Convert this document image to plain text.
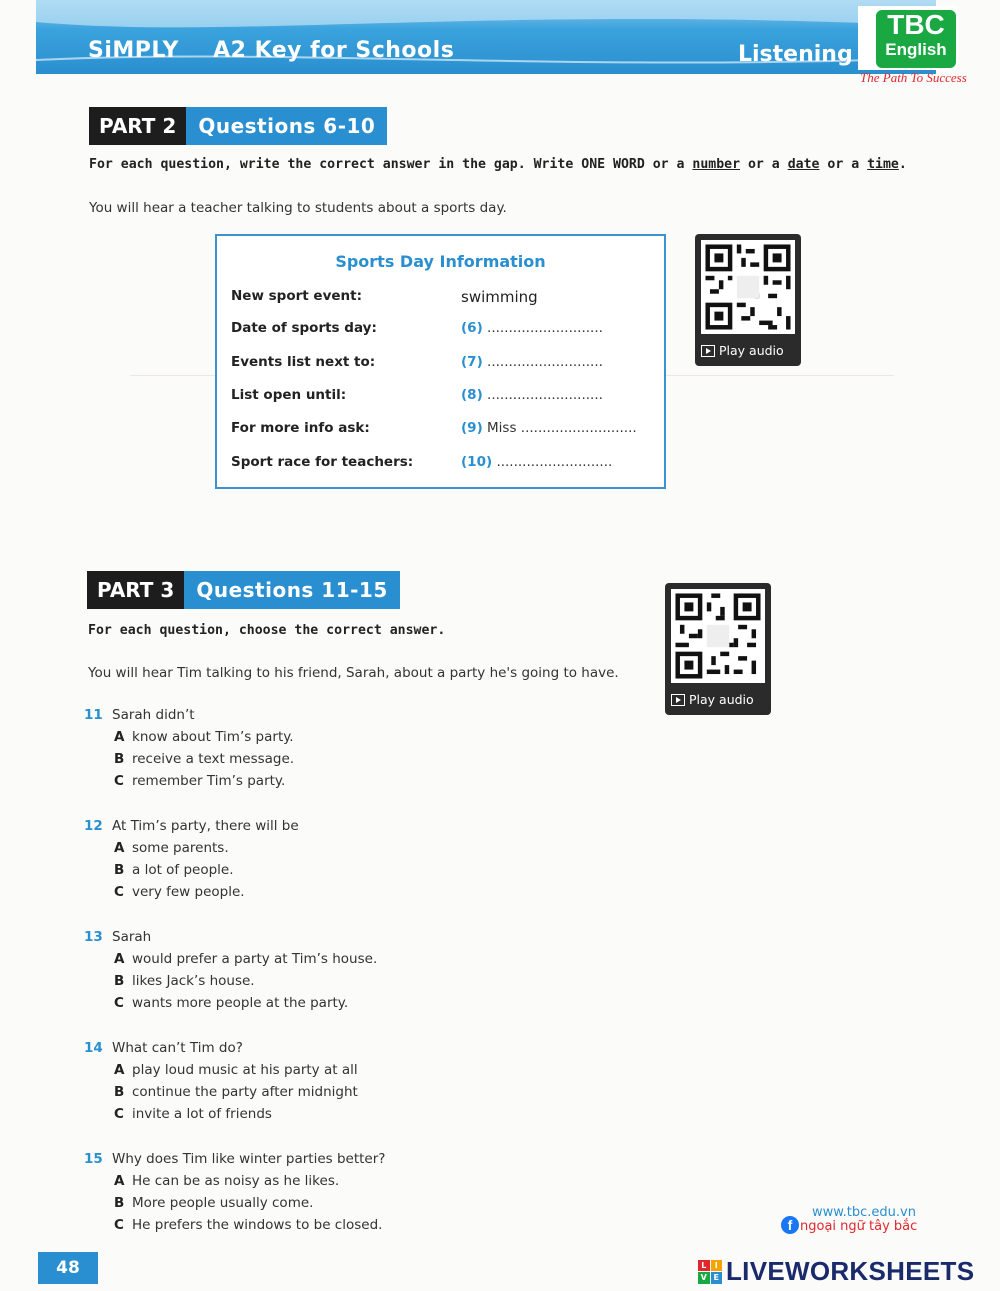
SiMPLY A2 Key for Schools	Listening
TBC
English
The Path To Success
PART 2	Questions 6-10
For each question, write the correct answer in the gap. Write ONE WORD or a number or a date or a time.
You will hear a teacher talking to students about a sports day.
Sports Day Information
New sport event:	swimming
Date of sports day:	(6) ...........................
Events list next to:	(7) ...........................
List open until:	(8) ...........................
For more info ask:	(9) Miss ...........................
Sport race for teachers:	(10) ...........................
Play audio
PART 3	Questions 11-15
For each question, choose the correct answer.
You will hear Tim talking to his friend, Sarah, about a party he's going to have.
Play audio
11 Sarah didn’t
A know about Tim’s party.
B receive a text message.
C remember Tim’s party.
12 At Tim’s party, there will be
A some parents.
B a lot of people.
C very few people.
13 Sarah
A would prefer a party at Tim’s house.
B likes Jack’s house.
C wants more people at the party.
14 What can’t Tim do?
A play loud music at his party at all
B continue the party after midnight
C invite a lot of friends
15 Why does Tim like winter parties better?
A He can be as noisy as he likes.
B More people usually come.
C He prefers the windows to be closed.
48
www.tbc.edu.vn
f ngoại ngữ tây bắc
L	I
V E LIVEWORKSHEETS
